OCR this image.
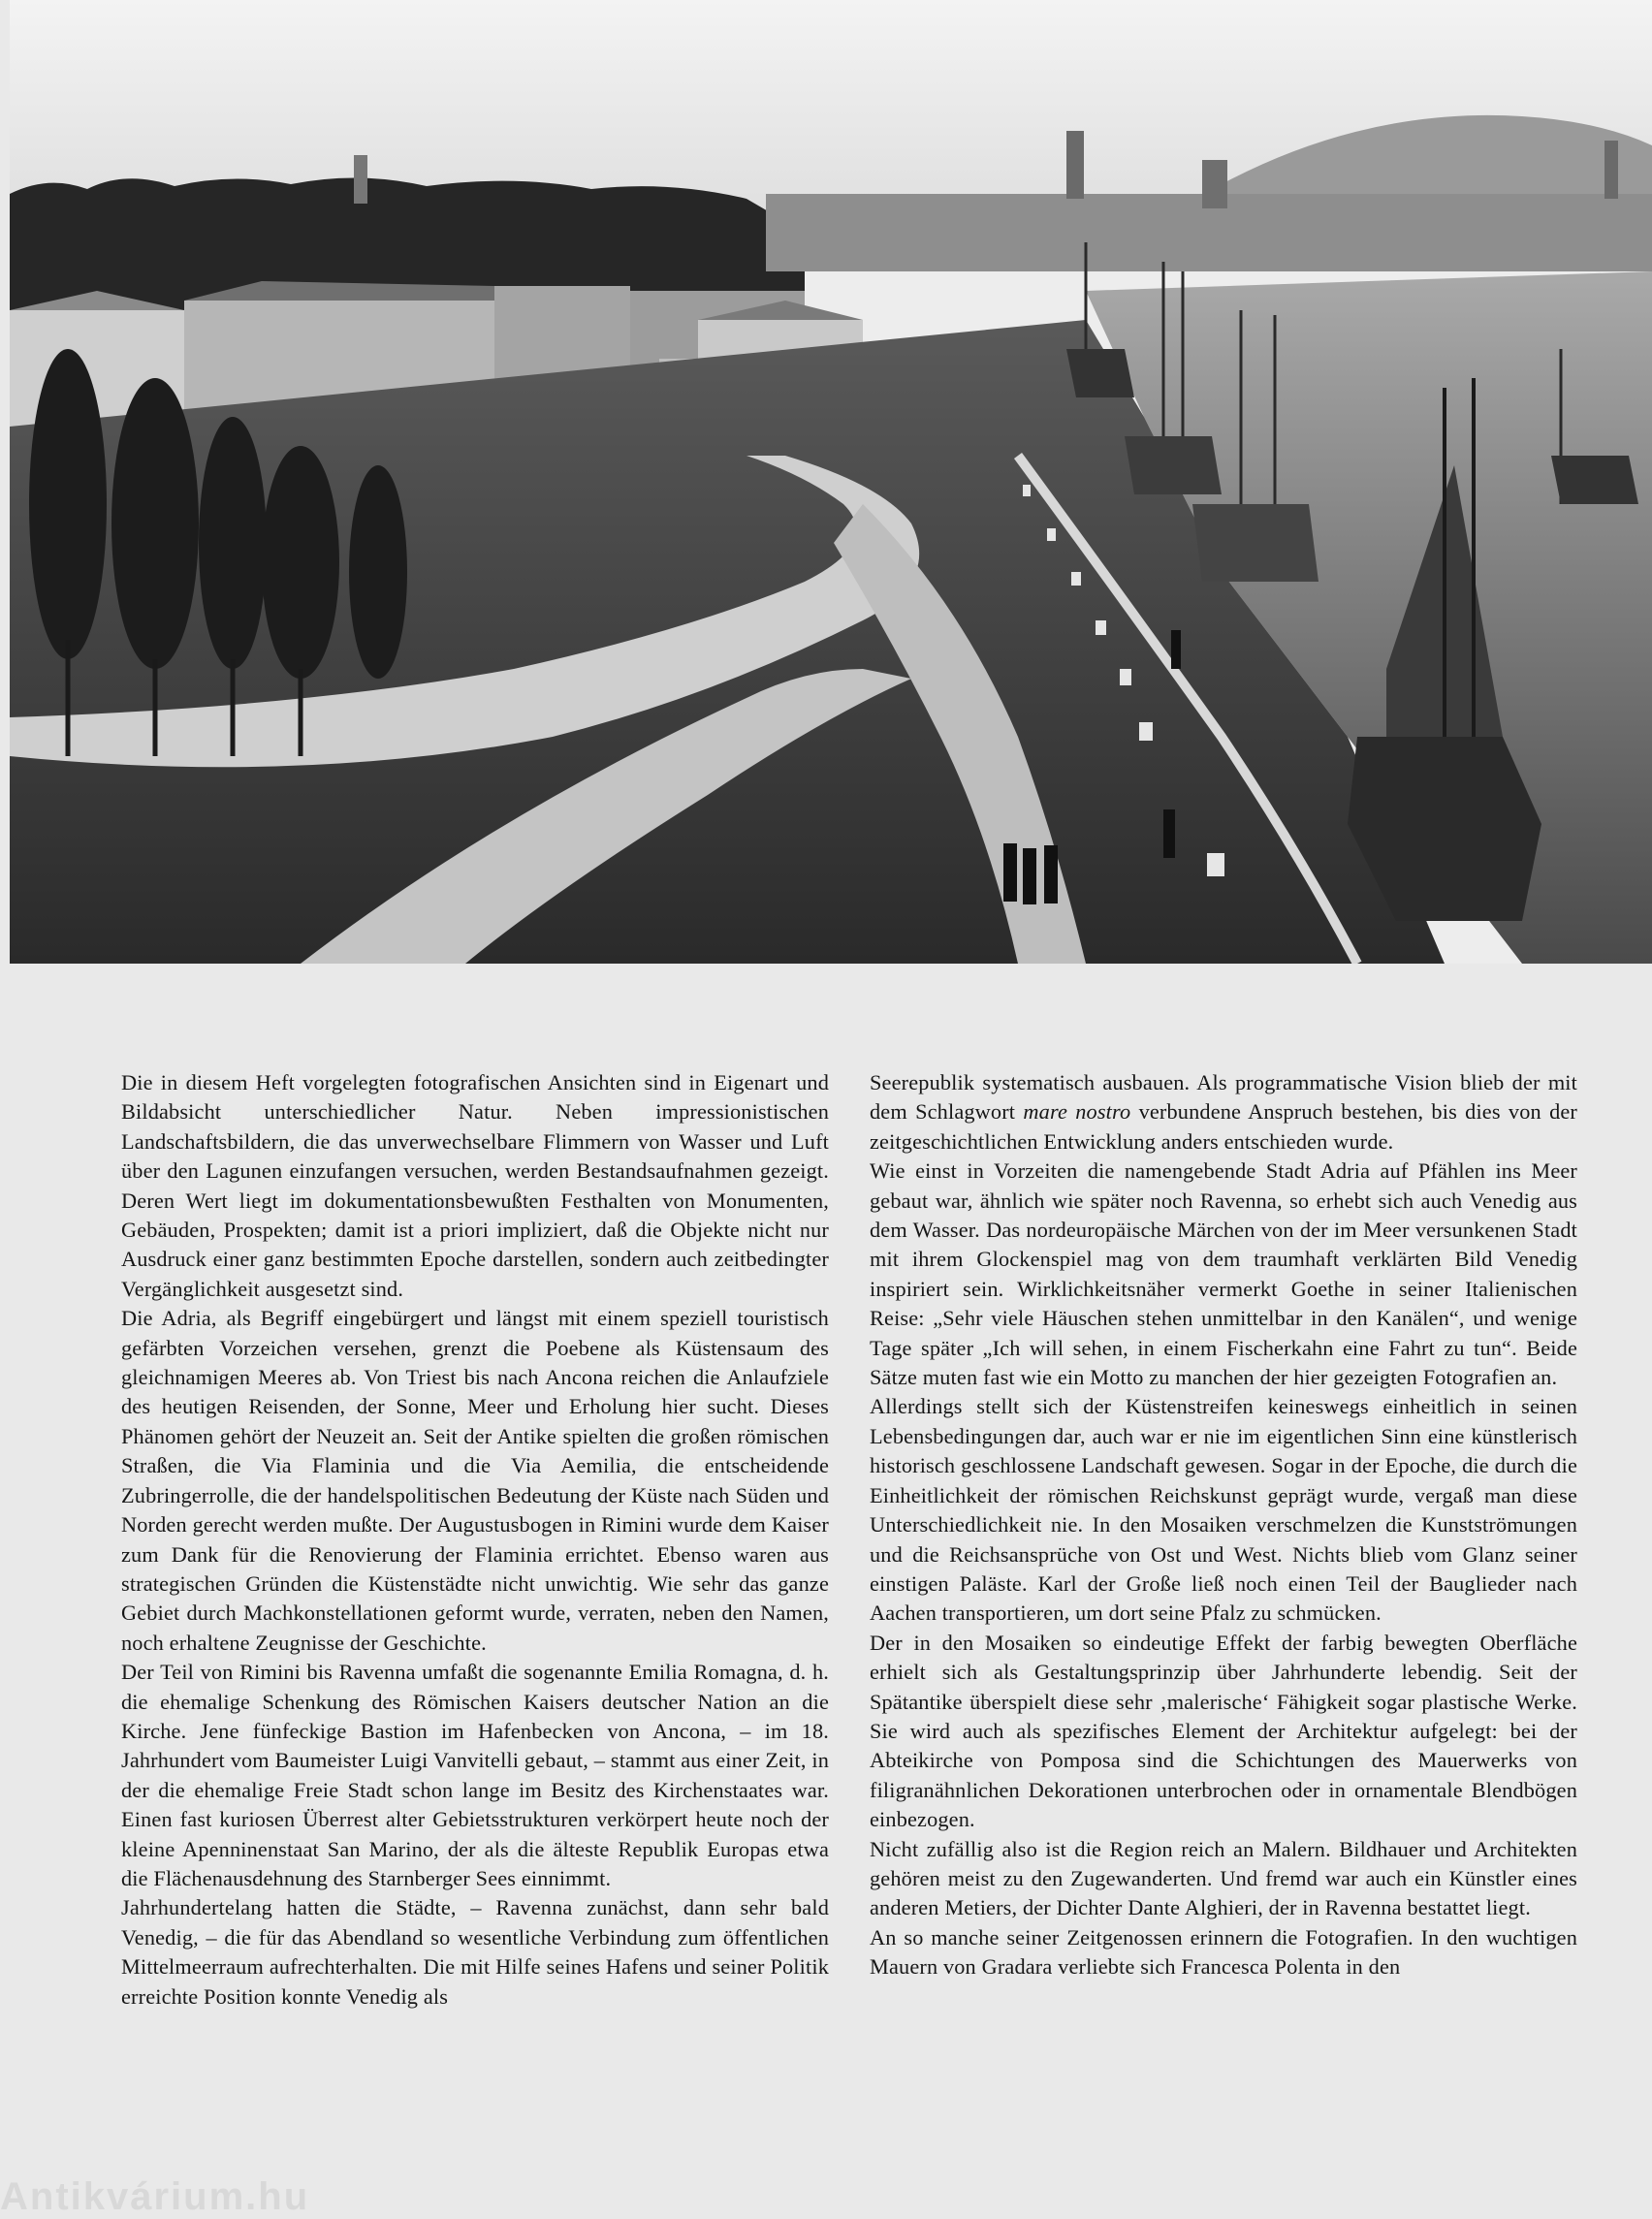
Die in diesem Heft vorgelegten fotografischen Ansichten sind in Eigenart und Bildabsicht unterschiedlicher Natur. Neben impressionistischen Landschaftsbildern, die das unverwechselbare Flimmern von Wasser und Luft über den Lagunen einzufangen versuchen, werden Bestandsaufnahmen gezeigt. Deren Wert liegt im dokumentationsbewußten Festhalten von Monumenten, Gebäuden, Prospekten; damit ist a priori impliziert, daß die Objekte nicht nur Ausdruck einer ganz bestimmten Epoche darstellen, sondern auch zeitbedingter Vergänglichkeit ausgesetzt sind.

Die Adria, als Begriff eingebürgert und längst mit einem speziell touristisch gefärbten Vorzeichen versehen, grenzt die Poebene als Küstensaum des gleichnamigen Meeres ab. Von Triest bis nach Ancona reichen die Anlaufziele des heutigen Reisenden, der Sonne, Meer und Erholung hier sucht. Dieses Phänomen gehört der Neuzeit an. Seit der Antike spielten die großen römischen Straßen, die Via Flaminia und die Via Aemilia, die entscheidende Zubringerrolle, die der handelspolitischen Bedeutung der Küste nach Süden und Norden gerecht werden mußte. Der Augustusbogen in Rimini wurde dem Kaiser zum Dank für die Renovierung der Flaminia errichtet. Ebenso waren aus strategischen Gründen die Küstenstädte nicht unwichtig. Wie sehr das ganze Gebiet durch Machkonstellationen geformt wurde, verraten, neben den Namen, noch erhaltene Zeugnisse der Geschichte.

Der Teil von Rimini bis Ravenna umfaßt die sogenannte Emilia Romagna, d. h. die ehemalige Schenkung des Römischen Kaisers deutscher Nation an die Kirche. Jene fünfeckige Bastion im Hafenbecken von Ancona, – im 18. Jahrhundert vom Baumeister Luigi Vanvitelli gebaut, – stammt aus einer Zeit, in der die ehemalige Freie Stadt schon lange im Besitz des Kirchenstaates war. Einen fast kuriosen Überrest alter Gebietsstrukturen verkörpert heute noch der kleine Apenninenstaat San Marino, der als die älteste Republik Europas etwa die Flächenausdehnung des Starnberger Sees einnimmt.

Jahrhundertelang hatten die Städte, – Ravenna zunächst, dann sehr bald Venedig, – die für das Abendland so wesentliche Verbindung zum öffentlichen Mittelmeerraum aufrechterhalten. Die mit Hilfe seines Hafens und seiner Politik erreichte Position konnte Venedig als

Seerepublik systematisch ausbauen. Als programmatische Vision blieb der mit dem Schlagwort mare nostro verbundene Anspruch bestehen, bis dies von der zeitgeschichtlichen Entwicklung anders entschieden wurde.

Wie einst in Vorzeiten die namengebende Stadt Adria auf Pfählen ins Meer gebaut war, ähnlich wie später noch Ravenna, so erhebt sich auch Venedig aus dem Wasser. Das nordeuropäische Märchen von der im Meer versunkenen Stadt mit ihrem Glockenspiel mag von dem traumhaft verklärten Bild Venedig inspiriert sein. Wirklichkeitsnäher vermerkt Goethe in seiner Italienischen Reise: „Sehr viele Häuschen stehen unmittelbar in den Kanälen“, und wenige Tage später „Ich will sehen, in einem Fischerkahn eine Fahrt zu tun“. Beide Sätze muten fast wie ein Motto zu manchen der hier gezeigten Fotografien an.

Allerdings stellt sich der Küstenstreifen keineswegs einheitlich in seinen Lebensbedingungen dar, auch war er nie im eigentlichen Sinn eine künstlerisch historisch geschlossene Landschaft gewesen. Sogar in der Epoche, die durch die Einheitlichkeit der römischen Reichskunst geprägt wurde, vergaß man diese Unterschiedlichkeit nie. In den Mosaiken verschmelzen die Kunstströmungen und die Reichsansprüche von Ost und West. Nichts blieb vom Glanz seiner einstigen Paläste. Karl der Große ließ noch einen Teil der Bauglieder nach Aachen transportieren, um dort seine Pfalz zu schmücken.

Der in den Mosaiken so eindeutige Effekt der farbig bewegten Oberfläche erhielt sich als Gestaltungsprinzip über Jahrhunderte lebendig. Seit der Spätantike überspielt diese sehr ‚malerische‘ Fähigkeit sogar plastische Werke. Sie wird auch als spezifisches Element der Architektur aufgelegt: bei der Abteikirche von Pomposa sind die Schichtungen des Mauerwerks von filigranähnlichen Dekorationen unterbrochen oder in ornamentale Blendbögen einbezogen.

Nicht zufällig also ist die Region reich an Malern. Bildhauer und Architekten gehören meist zu den Zugewanderten. Und fremd war auch ein Künstler eines anderen Metiers, der Dichter Dante Alghieri, der in Ravenna bestattet liegt.

An so manche seiner Zeitgenossen erinnern die Fotografien. In den wuchtigen Mauern von Gradara verliebte sich Francesca Polenta in den

Antikvárium.hu
